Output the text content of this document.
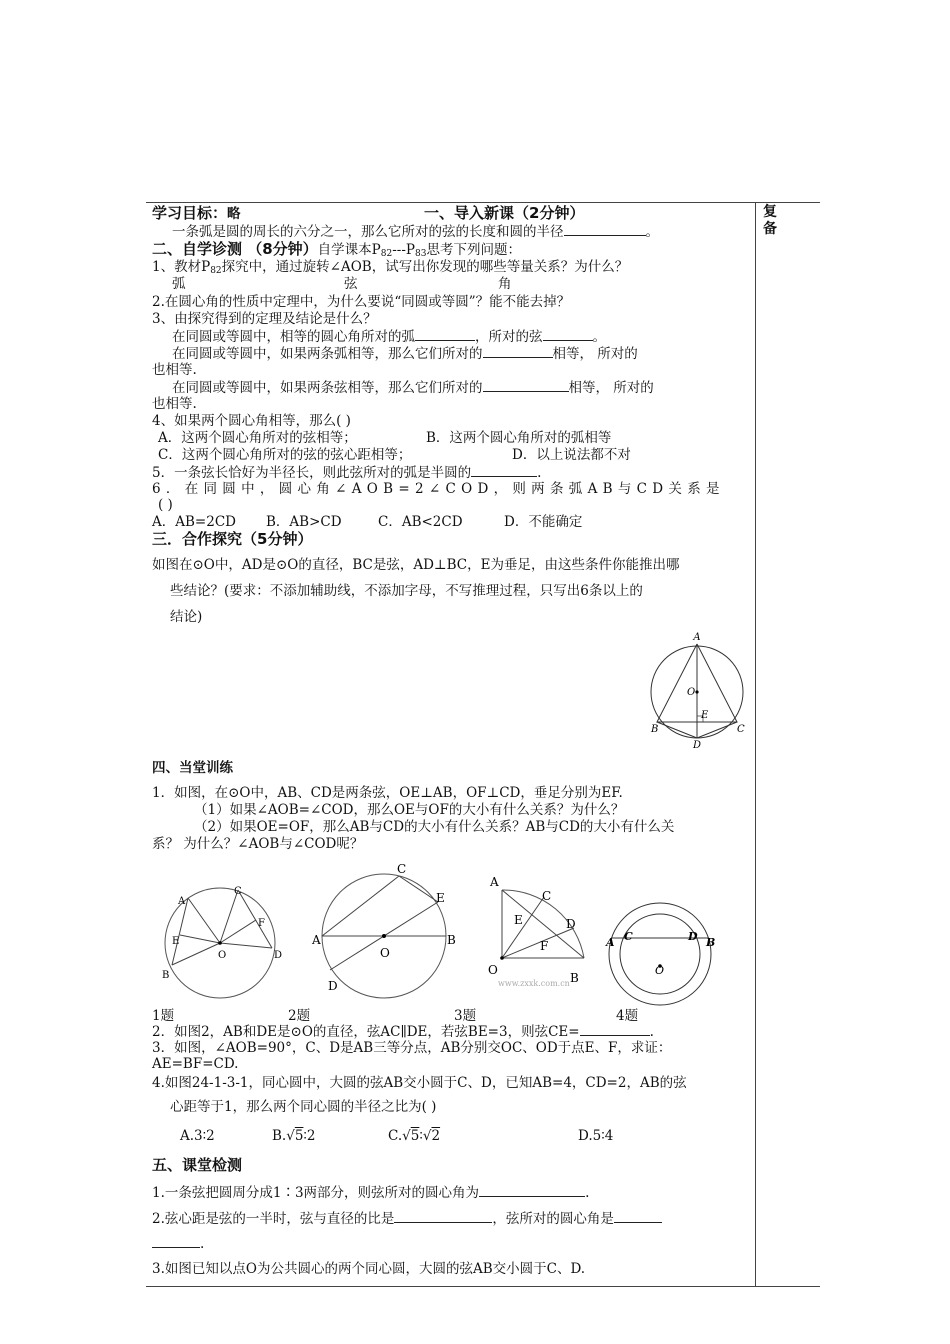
复备
学习目标：略	一、导入新课（2分钟）
一条弧是圆的周长的六分之一，那么它所对的弦的长度和圆的半径	。
二、自学诊测 （8分钟）自学课本$P_{82}---P_{83}$思考下列问题：
1、教材$P_{82}$探究中，通过旋转∠AOB，试写出你发现的哪些等量关系？为什么？
弧	弦	角
2.在圆心角的性质中定理中，为什么要说“同圆或等圆”？能不能去掉？
3、由探究得到的定理及结论是什么？
在同圆或等圆中，相等的圆心角所对的弧	，所对的弦	。
在同圆或等圆中，如果两条弧相等，那么它们所对的	相等， 所对的
也相等.
在同圆或等圆中，如果两条弦相等，那么它们所对的	相等， 所对的
也相等.
4、如果两个圆心角相等，那么( )
A．这两个圆心角所对的弦相等；	B．这两个圆心角所对的弧相等
C．这两个圆心角所对的弦的弦心距相等；	D．以上说法都不对
5．一条弦长恰好为半径长，则此弦所对的弧是半圆的	.
6．在同圆中，圆心角∠AOB=2∠COD，则两条弧AB与CD关系是
( )
A．AB=2CD B．AB>CD	C．AB<2CD	D．不能确定
三．合作探究（5分钟）
如图在⊙O中，AD是⊙O的直径，BC是弦，AD⊥BC，E为垂足，由这些条件你能推出哪
些结论？(要求：不添加辅助线，不添加字母，不写推理过程，只写出6条以上的
结论)
A
O
E
B	C
D
四、当堂训练
1．如图，在⊙O中，AB、CD是两条弦，OE⊥AB，OF⊥CD，垂足分别为EF.
（1）如果∠AOB=∠COD，那么OE与OF的大小有什么关系？为什么？
（2）如果OE=OF，那么AB与CD的大小有什么关系？AB与CD的大小有什么关
系？ 为什么？∠AOB与∠COD呢？
A
C
E
F
O	D
B
C
E
A	B
O
D
A
C
E	D
F
O
B
www.zxxk.com.cn
A C	D B
O
1题	2题	3题	4题
2．如图2，AB和DE是⊙O的直径，弦AC∥DE，若弦BE=3，则弦CE=	.
3．如图，∠AOB=90°，C、D是AB三等分点，AB分别交OC、OD于点E、F，求证：
AE=BF=CD.
4.如图24-1-3-1，同心圆中，大圆的弦AB交小圆于C、D，已知AB=4，CD=2，AB的弦
心距等于1，那么两个同心圆的半径之比为( )
A.3∶2	B.√5∶2	C.√5∶√2	D.5∶4
五、课堂检测
1.一条弦把圆周分成1∶3两部分，则弦所对的圆心角为	.
2.弦心距是弦的一半时，弦与直径的比是	，弦所对的圆心角是
.
3.如图已知以点O为公共圆心的两个同心圆，大圆的弦AB交小圆于C、D.
